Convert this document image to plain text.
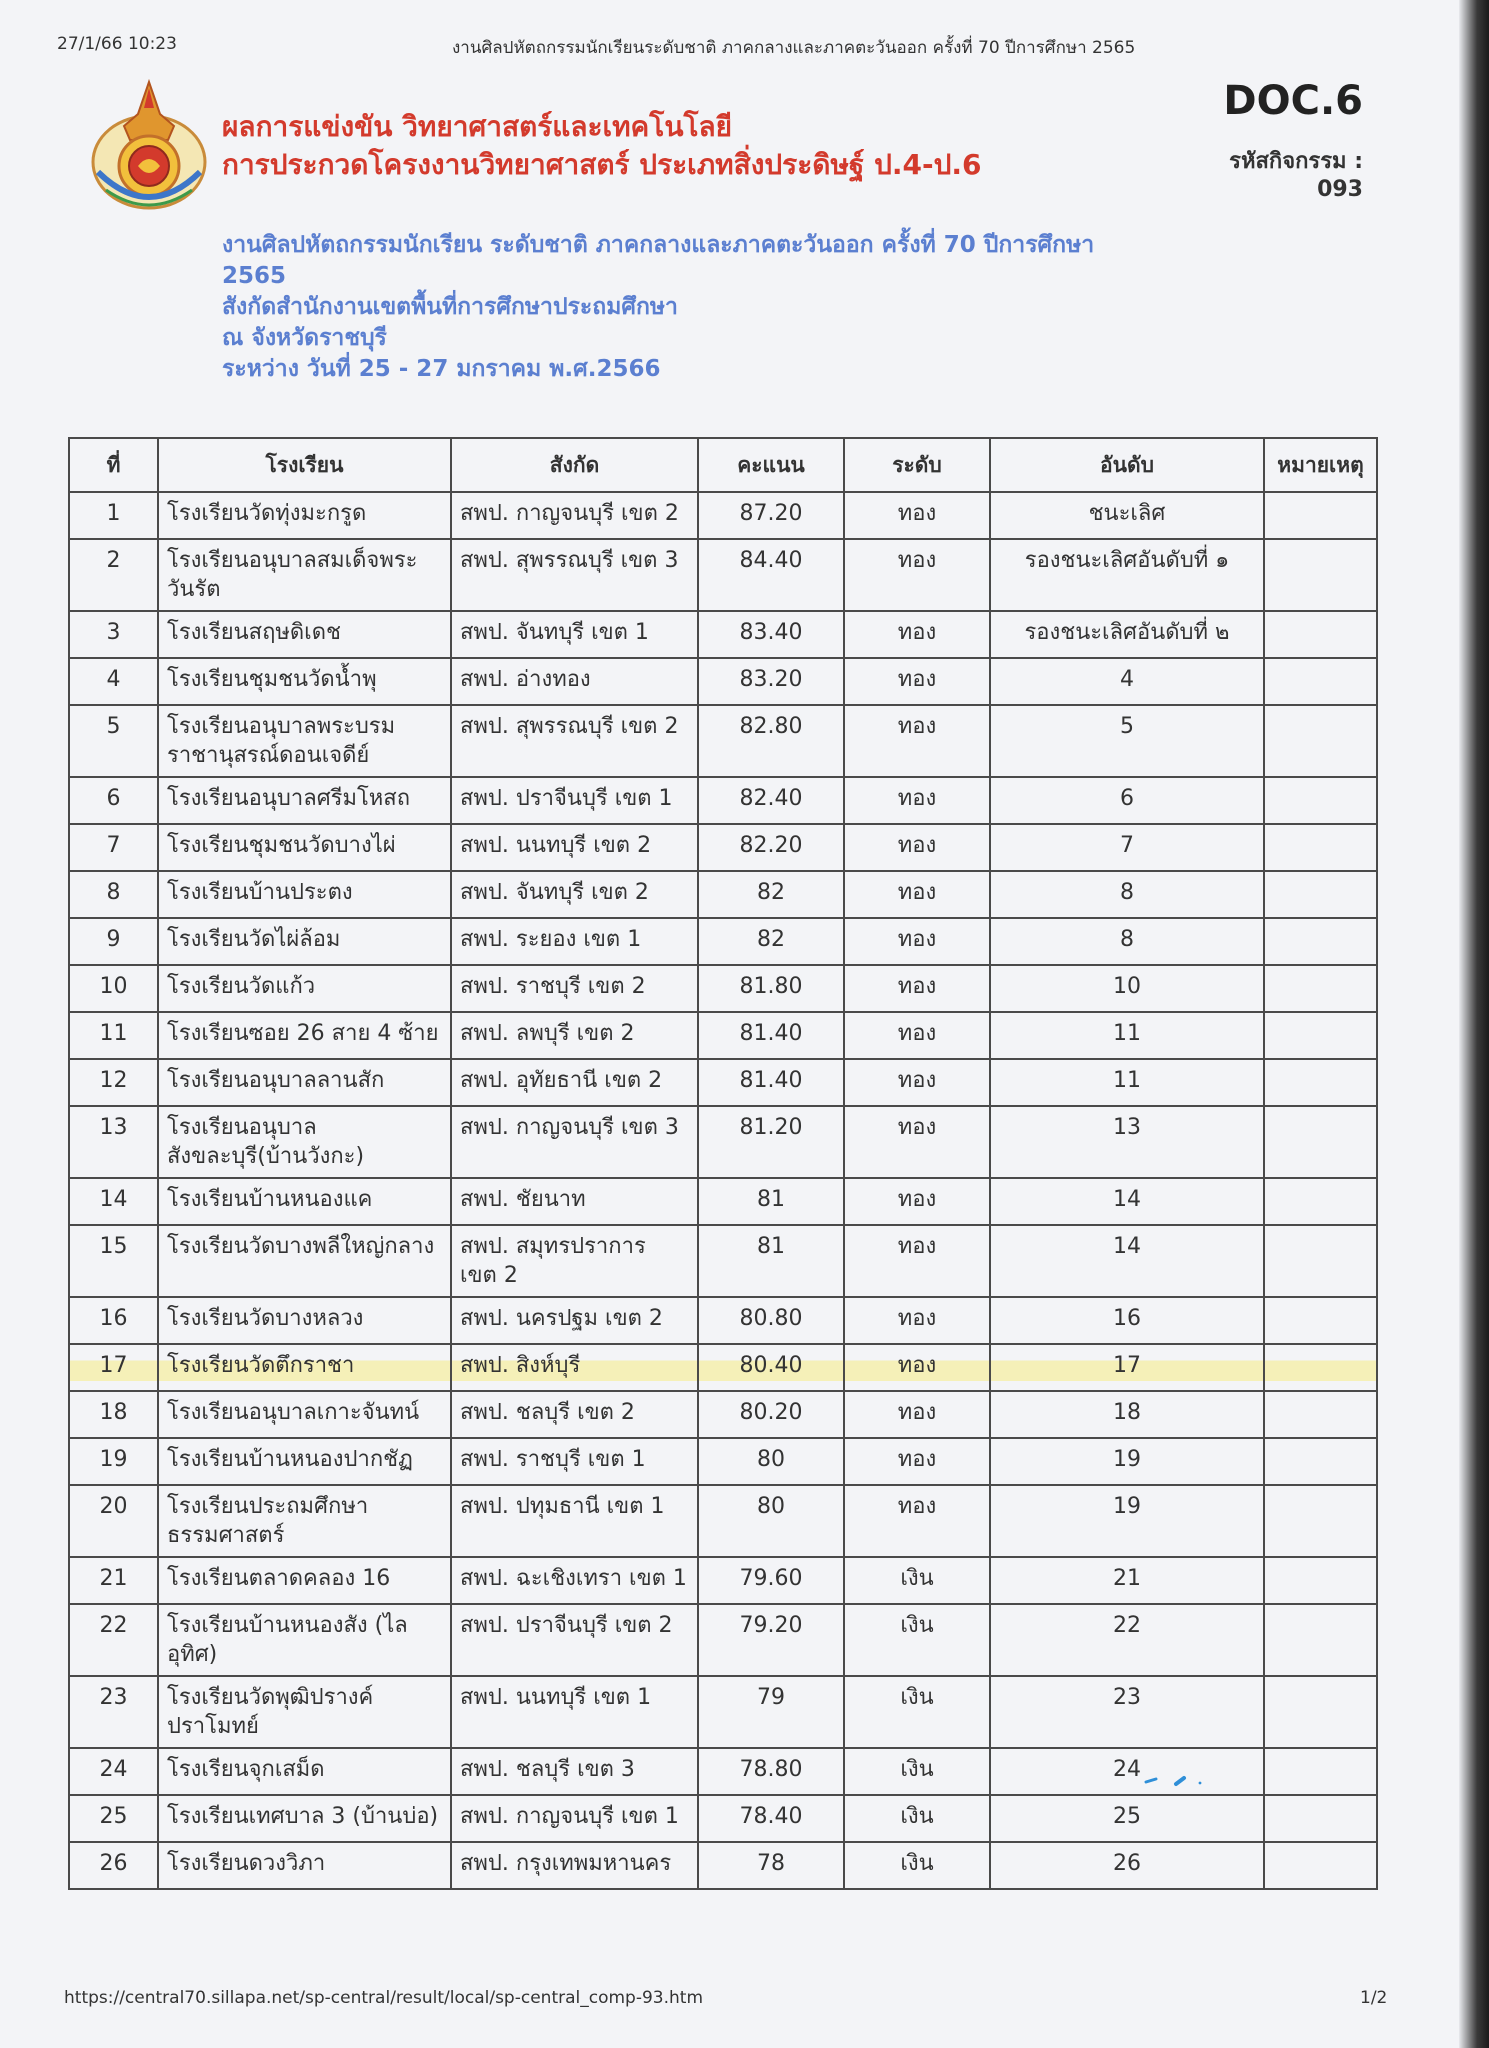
27/1/66 10:23	งานศิลปหัตถกรรมนักเรียนระดับชาติ ภาคกลางและภาคตะวันออก ครั้งที่ 70 ปีการศึกษา 2565
ผลการแข่งขัน วิทยาศาสตร์และเทคโนโลยี
การประกวดโครงงานวิทยาศาสตร์ ประเภทสิ่งประดิษฐ์ ป.4-ป.6
DOC.6
รหัสกิจกรรม :
093
งานศิลปหัตถกรรมนักเรียน ระดับชาติ ภาคกลางและภาคตะวันออก ครั้งที่ 70 ปีการศึกษา
2565
สังกัดสำนักงานเขตพื้นที่การศึกษาประถมศึกษา
ณ จังหวัดราชบุรี
ระหว่าง วันที่ 25 - 27 มกราคม พ.ศ.2566
ที่	โรงเรียน	สังกัด	คะแนน	ระดับ	อันดับ	หมายเหตุ
1	โรงเรียนวัดทุ่งมะกรูด	สพป. กาญจนบุรี เขต 2	87.20	ทอง	ชนะเลิศ	
2	โรงเรียนอนุบาลสมเด็จพระวันรัต	สพป. สุพรรณบุรี เขต 3	84.40	ทอง	รองชนะเลิศอันดับที่ ๑	
3	โรงเรียนสฤษดิเดช	สพป. จันทบุรี เขต 1	83.40	ทอง	รองชนะเลิศอันดับที่ ๒	
4	โรงเรียนชุมชนวัดน้ำพุ	สพป. อ่างทอง	83.20	ทอง	4	
5	โรงเรียนอนุบาลพระบรมราชานุสรณ์ดอนเจดีย์	สพป. สุพรรณบุรี เขต 2	82.80	ทอง	5	
6	โรงเรียนอนุบาลศรีมโหสถ	สพป. ปราจีนบุรี เขต 1	82.40	ทอง	6	
7	โรงเรียนชุมชนวัดบางไผ่	สพป. นนทบุรี เขต 2	82.20	ทอง	7	
8	โรงเรียนบ้านประตง	สพป. จันทบุรี เขต 2	82	ทอง	8	
9	โรงเรียนวัดไผ่ล้อม	สพป. ระยอง เขต 1	82	ทอง	8	
10	โรงเรียนวัดแก้ว	สพป. ราชบุรี เขต 2	81.80	ทอง	10	
11	โรงเรียนซอย 26 สาย 4 ซ้าย	สพป. ลพบุรี เขต 2	81.40	ทอง	11	
12	โรงเรียนอนุบาลลานสัก	สพป. อุทัยธานี เขต 2	81.40	ทอง	11	
13	โรงเรียนอนุบาลสังขละบุรี(บ้านวังกะ)	สพป. กาญจนบุรี เขต 3	81.20	ทอง	13	
14	โรงเรียนบ้านหนองแค	สพป. ชัยนาท	81	ทอง	14	
15	โรงเรียนวัดบางพลีใหญ่กลาง	สพป. สมุทรปราการ เขต 2	81	ทอง	14	
16	โรงเรียนวัดบางหลวง	สพป. นครปฐม เขต 2	80.80	ทอง	16	
17	โรงเรียนวัดตึกราชา	สพป. สิงห์บุรี	80.40	ทอง	17	
18	โรงเรียนอนุบาลเกาะจันทน์	สพป. ชลบุรี เขต 2	80.20	ทอง	18	
19	โรงเรียนบ้านหนองปากชัฏ	สพป. ราชบุรี เขต 1	80	ทอง	19	
20	โรงเรียนประถมศึกษาธรรมศาสตร์	สพป. ปทุมธานี เขต 1	80	ทอง	19	
21	โรงเรียนตลาดคลอง 16	สพป. ฉะเชิงเทรา เขต 1	79.60	เงิน	21	
22	โรงเรียนบ้านหนองสัง (ไลอุทิศ)	สพป. ปราจีนบุรี เขต 2	79.20	เงิน	22	
23	โรงเรียนวัดพุฒิปรางค์ปราโมทย์	สพป. นนทบุรี เขต 1	79	เงิน	23	
24	โรงเรียนจุกเสม็ด	สพป. ชลบุรี เขต 3	78.80	เงิน	24	
25	โรงเรียนเทศบาล 3 (บ้านบ่อ)	สพป. กาญจนบุรี เขต 1	78.40	เงิน	25	
26	โรงเรียนดวงวิภา	สพป. กรุงเทพมหานคร	78	เงิน	26	

https://central70.sillapa.net/sp-central/result/local/sp-central_comp-93.htm	1/2
